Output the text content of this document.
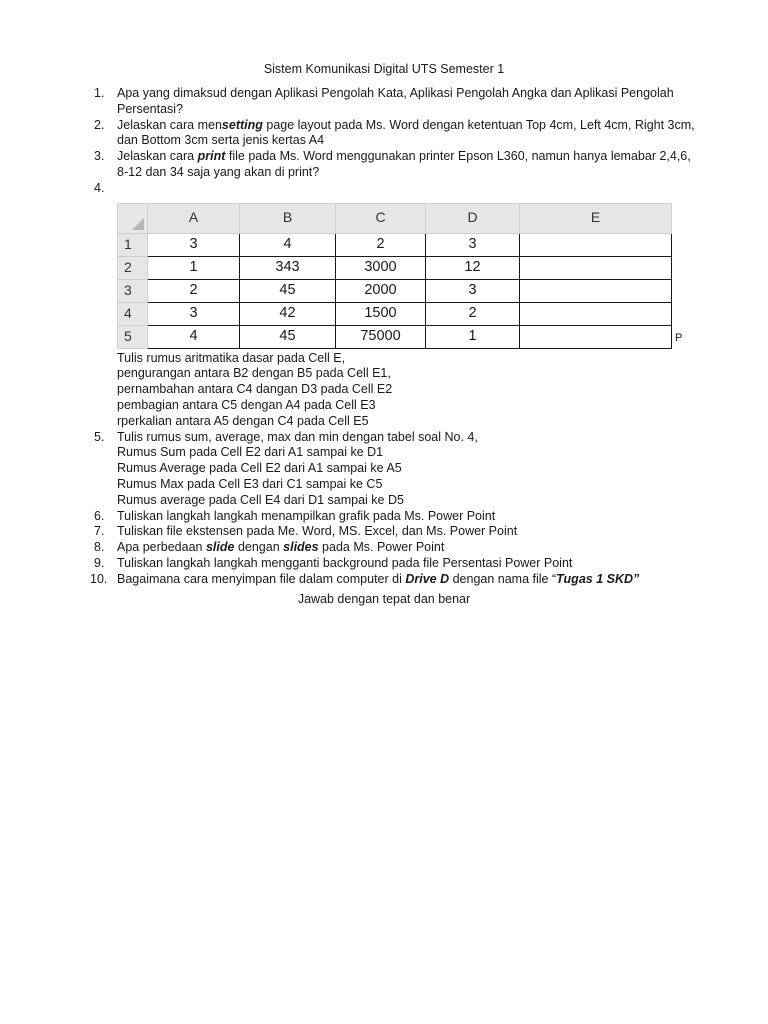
Sistem Komunikasi Digital UTS Semester 1
1. Apa yang dimaksud dengan Aplikasi Pengolah Kata, Aplikasi Pengolah Angka dan Aplikasi Pengolah
Persentasi?
2. Jelaskan cara mensetting page layout pada Ms. Word dengan ketentuan Top 4cm, Left 4cm, Right 3cm,
dan Bottom 3cm serta jenis kertas A4
3. Jelaskan cara print file pada Ms. Word menggunakan printer Epson L360, namun hanya lemabar 2,4,6,
8-12 dan 34 saja yang akan di print?
4.

	A	B	C	D	E
1	3	4	2	3	
2	1	343	3000	12	
3	2	45	2000	3	
4	3	42	1500	2	
5	4	45	75000	1		P
Tulis rumus aritmatika dasar pada Cell E,
pengurangan antara B2 dengan B5 pada Cell E1,
pernambahan antara C4 dangan D3 pada Cell E2
pembagian antara C5 dengan A4 pada Cell E3
rperkalian antara A5 dengan C4 pada Cell E5
5. Tulis rumus sum, average, max dan min dengan tabel soal No. 4,
Rumus Sum pada Cell E2 dari A1 sampai ke D1
Rumus Average pada Cell E2 dari A1 sampai ke A5
Rumus Max pada Cell E3 dari C1 sampai ke C5
Rumus average pada Cell E4 dari D1 sampai ke D5
6. Tuliskan langkah langkah menampilkan grafik pada Ms. Power Point
7. Tuliskan file ekstensen pada Me. Word, MS. Excel, dan Ms. Power Point
8. Apa perbedaan slide dengan slides pada Ms. Power Point
9. Tuliskan langkah langkah mengganti background pada file Persentasi Power Point
10. Bagaimana cara menyimpan file dalam computer di Drive D dengan nama file “Tugas 1 SKD”
Jawab dengan tepat dan benar
